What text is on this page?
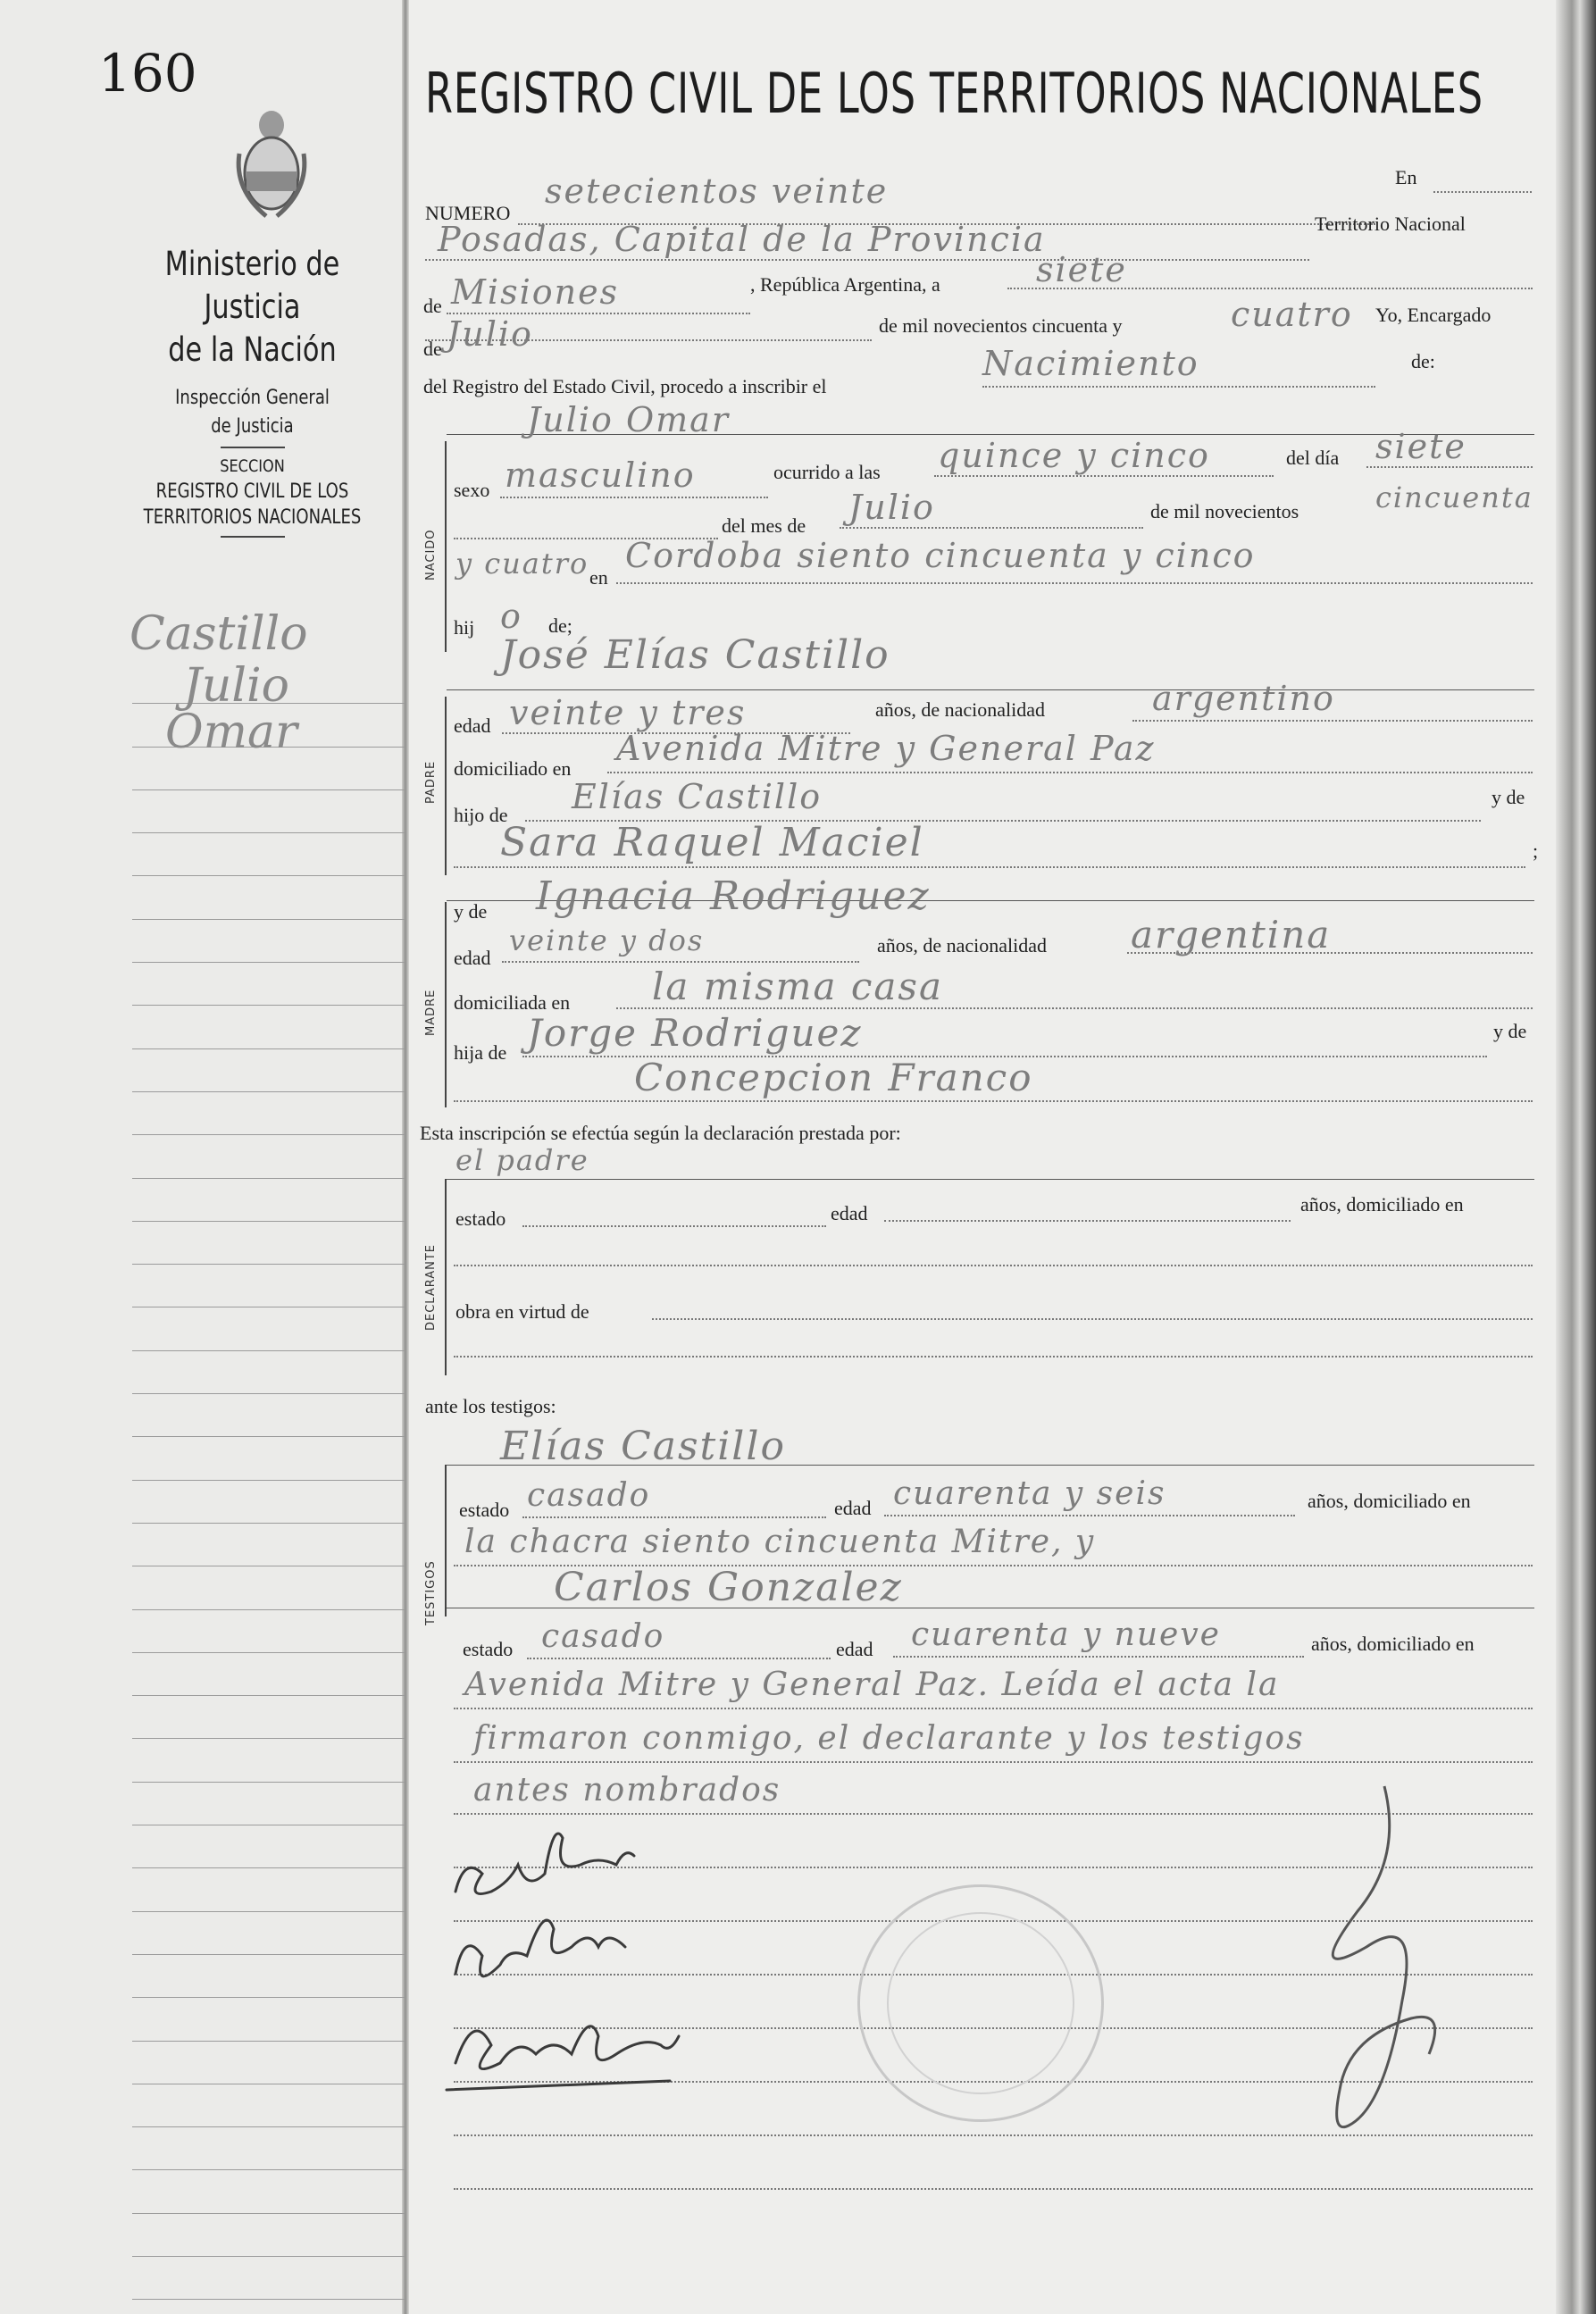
160
Ministerio de Justicia
de la Nación
Inspección General
de Justicia
SECCION
REGISTRO CIVIL DE LOS
TERRITORIOS NACIONALES
Castillo
Julio
Omar
REGISTRO CIVIL DE LOS TERRITORIOS NACIONALES
NUMERO
setecientos veinte	En
Posadas, Capital de la Provincia	Territorio Nacional
de Misiones	, República Argentina, a	siete
de mil novecientos cincuenta y	cuatro Yo, Encargado
de Julio
del Registro del Estado Civil, procedo a inscribir el
Nacimiento	de:
Julio Omar
NACIDO
sexo masculino	ocurrido a las quince y cinco	del día siete
del mes de Julio	de mil novecientos	cincuenta
y cuatro en
Cordoba siento cincuenta y cinco
hij o de;
José Elías Castillo
PADRE
edad veinte y tres	años, de nacionalidad	argentino
domiciliado en
Avenida Mitre y General Paz
hijo de Elías Castillo	y de
Sara Raquel Maciel	;
MADRE
y de Ignacia Rodriguez
edad
veinte y dos	años, de nacionalidad argentina
domiciliada en la misma casa
hija de Jorge Rodriguez	y de
Concepcion Franco
Esta inscripción se efectúa según la declaración prestada por:
el padre
DECLARANTE
estado	edad	años, domiciliado en
obra en virtud de
ante los testigos:
Elías Castillo
TESTIGOS
estado casado	edad cuarenta y seis	años, domiciliado en
la chacra siento cincuenta Mitre, y
Carlos Gonzalez
estado casado	edad cuarenta y nueve	años, domiciliado en
Avenida Mitre y General Paz. Leída el acta la
firmaron conmigo, el declarante y los testigos
antes nombrados
